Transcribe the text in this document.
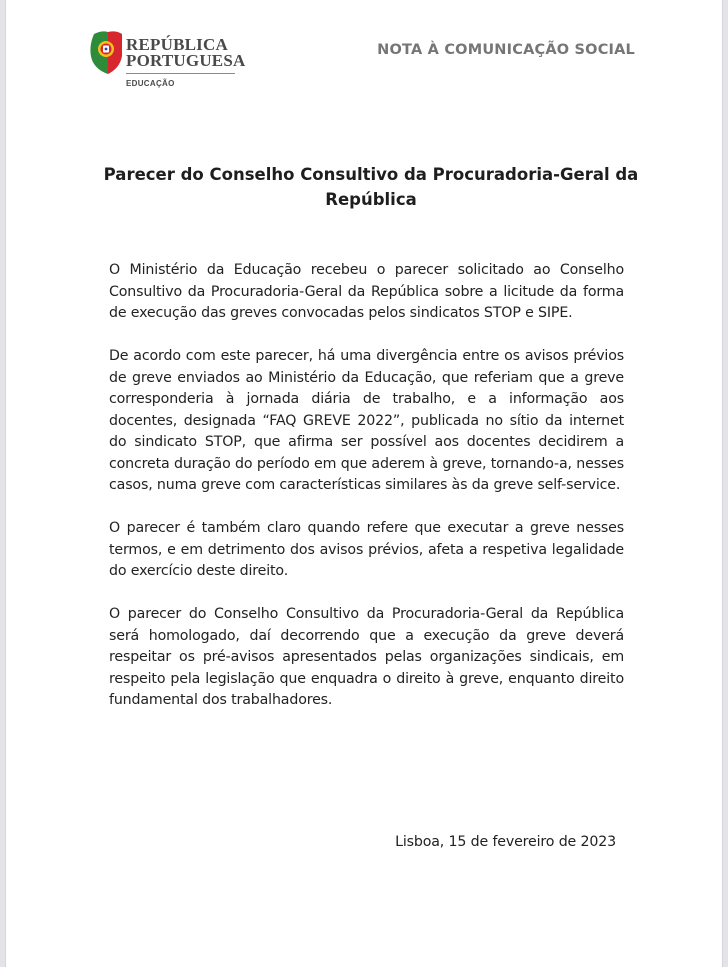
REPÚBLICA
PORTUGUESA
EDUCAÇÃO
NOTA À COMUNICAÇÃO SOCIAL
Parecer do Conselho Consultivo da Procuradoria-Geral da República

O Ministério da Educação recebeu o parecer solicitado ao Conselho Consultivo da Procuradoria-Geral da República sobre a licitude da forma de execução das greves convocadas pelos sindicatos STOP e SIPE.

De acordo com este parecer, há uma divergência entre os avisos prévios de greve enviados ao Ministério da Educação, que referiam que a greve corresponderia à jornada diária de trabalho, e a informação aos docentes, designada “FAQ GREVE 2022”, publicada no sítio da internet do sindicato STOP, que afirma ser possível aos docentes decidirem a concreta duração do período em que aderem à greve, tornando-a, nesses casos, numa greve com características similares às da greve self-service.

O parecer é também claro quando refere que executar a greve nesses termos, e em detrimento dos avisos prévios, afeta a respetiva legalidade do exercício deste direito.

O parecer do Conselho Consultivo da Procuradoria-Geral da República será homologado, daí decorrendo que a execução da greve deverá respeitar os pré-avisos apresentados pelas organizações sindicais, em respeito pela legislação que enquadra o direito à greve, enquanto direito fundamental dos trabalhadores.

Lisboa, 15 de fevereiro de 2023
